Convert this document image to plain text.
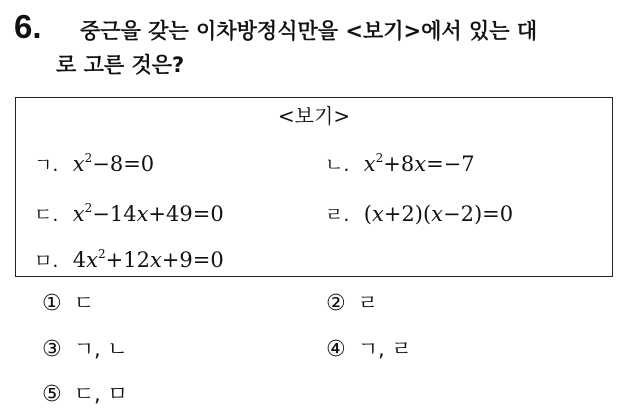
6.	중근을 갖는 이차방정식만을 <보기>에서 있는 대
로 고른 것은?
<보기>
ㄱ. $x^2-8=0$	ㄴ. $x^2+8x=-7$
ㄷ. $x^2-14x+49=0$	ㄹ. (x+2)(x−2)=0
ㅁ. $4x^2+12x+9=0$
① ㄷ	② ㄹ
③ ㄱ, ㄴ	④ ㄱ, ㄹ
⑤ ㄷ, ㅁ
